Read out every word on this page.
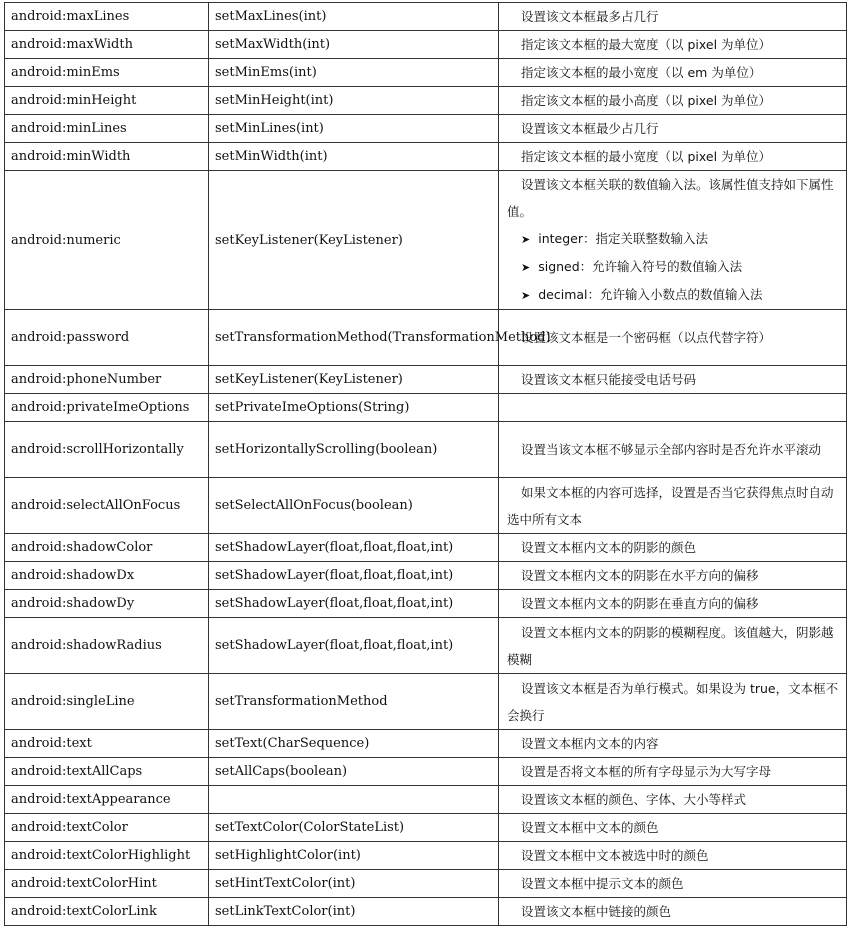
android:maxLines	setMaxLines(int)	设置该文本框最多占几行

android:maxWidth	setMaxWidth(int)	指定该文本框的最大宽度（以 pixel 为单位）

android:minEms	setMinEms(int)	指定该文本框的最小宽度（以 em 为单位）

android:minHeight	setMinHeight(int)	指定该文本框的最小高度（以 pixel 为单位）

android:minLines	setMinLines(int)	设置该文本框最少占几行

android:minWidth	setMinWidth(int)	指定该文本框的最小宽度（以 pixel 为单位）

android:numeric	setKeyListener(KeyListener)	设置该文本框关联的数值输入法。该属性值支持如下属性值。
➤ integer：指定关联整数输入法
➤ signed：允许输入符号的数值输入法
➤ decimal：允许输入小数点的数值输入法

android:password	setTransformationMethod(TransformationMethod)	设置该文本框是一个密码框（以点代替字符）

android:phoneNumber	setKeyListener(KeyListener)	设置该文本框只能接受电话号码

android:privateImeOptions	setPrivateImeOptions(String)	

android:scrollHorizontally	setHorizontallyScrolling(boolean)	设置当该文本框不够显示全部内容时是否允许水平滚动

android:selectAllOnFocus	setSelectAllOnFocus(boolean)	如果文本框的内容可选择，设置是否当它获得焦点时自动选中所有文本

android:shadowColor	setShadowLayer(float,float,float,int)	设置文本框内文本的阴影的颜色

android:shadowDx	setShadowLayer(float,float,float,int)	设置文本框内文本的阴影在水平方向的偏移

android:shadowDy	setShadowLayer(float,float,float,int)	设置文本框内文本的阴影在垂直方向的偏移

android:shadowRadius	setShadowLayer(float,float,float,int)	设置文本框内文本的阴影的模糊程度。该值越大，阴影越模糊

android:singleLine	setTransformationMethod	设置该文本框是否为单行模式。如果设为 true，文本框不会换行

android:text	setText(CharSequence)	设置文本框内文本的内容

android:textAllCaps	setAllCaps(boolean)	设置是否将文本框的所有字母显示为大写字母

android:textAppearance		设置该文本框的颜色、字体、大小等样式

android:textColor	setTextColor(ColorStateList)	设置文本框中文本的颜色

android:textColorHighlight	setHighlightColor(int)	设置文本框中文本被选中时的颜色

android:textColorHint	setHintTextColor(int)	设置文本框中提示文本的颜色

android:textColorLink	setLinkTextColor(int)	设置该文本框中链接的颜色
